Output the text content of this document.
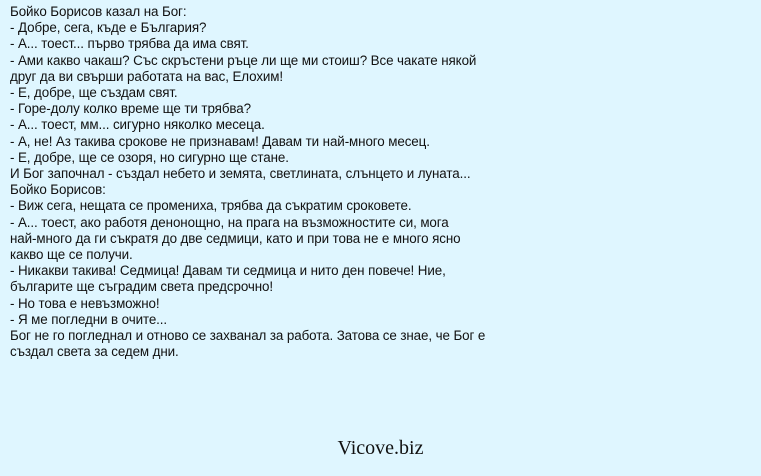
Бойко Борисов казал на Бог:
- Добре, сега, къде е България?
- А... тоест... първо трябва да има свят.
- Ами какво чакаш? Със скръстени ръце ли ще ми стоиш? Все чакате някой
друг да ви свърши работата на вас, Елохим!
- Е, добре, ще създам свят.
- Горе-долу колко време ще ти трябва?
- А... тоест, мм... сигурно няколко месеца.
- А, не! Аз такива срокове не признавам! Давам ти най-много месец.
- Е, добре, ще се озоря, но сигурно ще стане.
И Бог започнал - създал небето и земята, светлината, слънцето и луната...
Бойко Борисов:
- Виж сега, нещата се промениха, трябва да съкратим сроковете.
- А... тоест, ако работя денонощно, на прага на възможностите си, мога
най-много да ги съкратя до две седмици, като и при това не е много ясно
какво ще се получи.
- Никакви такива! Седмица! Давам ти седмица и нито ден повече! Ние,
българите ще съградим света предсрочно!
- Но това е невъзможно!
- Я ме погледни в очите...
Бог не го погледнал и отново се захванал за работа. Затова се знае, че Бог е
създал света за седем дни.
Vicove.biz
